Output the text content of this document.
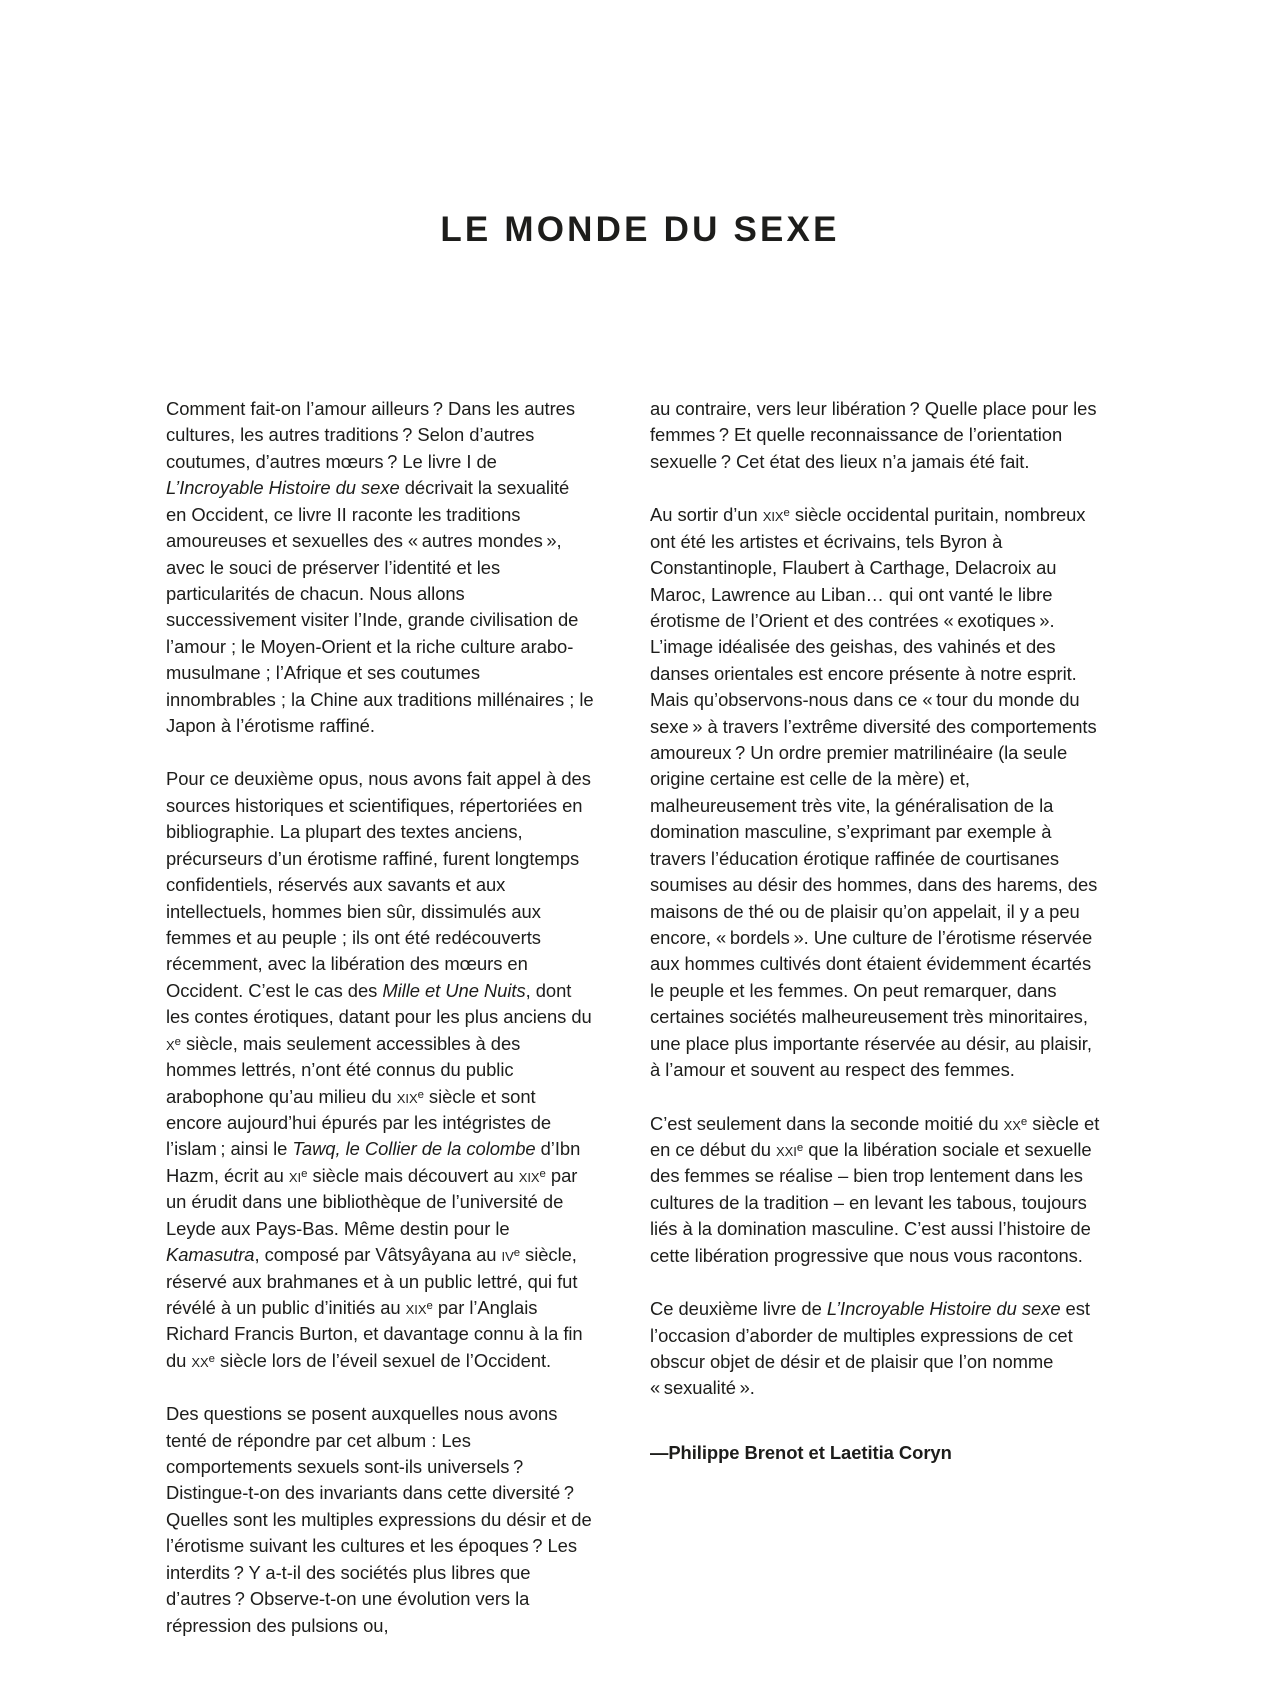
LE MONDE DU SEXE

Comment fait-on l’amour ailleurs ? Dans les autres cultures, les autres traditions ? Selon d’autres coutumes, d’autres mœurs ? Le livre I de L’Incroyable Histoire du sexe décrivait la sexualité en Occident, ce livre II raconte les traditions amoureuses et sexuelles des « autres mondes », avec le souci de préserver l’identité et les particularités de chacun. Nous allons successivement visiter l’Inde, grande civilisation de l’amour ; le Moyen-Orient et la riche culture arabo-musulmane ; l’Afrique et ses coutumes innombrables ; la Chine aux traditions millénaires ; le Japon à l’érotisme raffiné.

Pour ce deuxième opus, nous avons fait appel à des sources historiques et scientifiques, répertoriées en bibliographie. La plupart des textes anciens, précurseurs d’un érotisme raffiné, furent longtemps confidentiels, réservés aux savants et aux intellectuels, hommes bien sûr, dissimulés aux femmes et au peuple ; ils ont été redécouverts récemment, avec la libération des mœurs en Occident. C’est le cas des Mille et Une Nuits, dont les contes érotiques, datant pour les plus anciens du $x^e$ siècle, mais seulement accessibles à des hommes lettrés, n’ont été connus du public arabophone qu’au milieu du xix$^e$ siècle et sont encore aujourd’hui épurés par les intégristes de l’islam ; ainsi le Tawq, le Collier de la colombe d’Ibn Hazm, écrit au $xi^e$ siècle mais découvert au xix$^e$ par un érudit dans une bibliothèque de l’université de Leyde aux Pays-Bas. Même destin pour le Kamasutra, composé par Vâtsyâyana au $iv^e$ siècle, réservé aux brahmanes et à un public lettré, qui fut révélé à un public d’initiés au xix$^e$ par l’Anglais Richard Francis Burton, et davantage connu à la fin du $xx^e$ siècle lors de l’éveil sexuel de l’Occident.

Des questions se posent auxquelles nous avons tenté de répondre par cet album : Les comportements sexuels sont-ils universels ? Distingue-t-on des invariants dans cette diversité ? Quelles sont les multiples expressions du désir et de l’érotisme suivant les cultures et les époques ? Les interdits ? Y a-t-il des sociétés plus libres que d’autres ? Observe-t-on une évolution vers la répression des pulsions ou,

au contraire, vers leur libération ? Quelle place pour les femmes ? Et quelle reconnaissance de l’orientation sexuelle ? Cet état des lieux n’a jamais été fait.

Au sortir d’un xix$^e$ siècle occidental puritain, nombreux ont été les artistes et écrivains, tels Byron à Constantinople, Flaubert à Carthage, Delacroix au Maroc, Lawrence au Liban… qui ont vanté le libre érotisme de l’Orient et des contrées « exotiques ». L’image idéalisée des geishas, des vahinés et des danses orientales est encore présente à notre esprit.
Mais qu’observons-nous dans ce « tour du monde du sexe » à travers l’extrême diversité des comportements amoureux ? Un ordre premier matrilinéaire (la seule origine certaine est celle de la mère) et, malheureusement très vite, la généralisation de la domination masculine, s’exprimant par exemple à travers l’éducation érotique raffinée de courtisanes soumises au désir des hommes, dans des harems, des maisons de thé ou de plaisir qu’on appelait, il y a peu encore, « bordels ». Une culture de l’érotisme réservée aux hommes cultivés dont étaient évidemment écartés le peuple et les femmes. On peut remarquer, dans certaines sociétés malheureusement très minoritaires, une place plus importante réservée au désir, au plaisir, à l’amour et souvent au respect des femmes.

C’est seulement dans la seconde moitié du $xx^e$ siècle et en ce début du xxi$^e$ que la libération sociale et sexuelle des femmes se réalise – bien trop lentement dans les cultures de la tradition – en levant les tabous, toujours liés à la domination masculine. C’est aussi l’histoire de cette libération progressive que nous vous racontons.

Ce deuxième livre de L’Incroyable Histoire du sexe est l’occasion d’aborder de multiples expressions de cet obscur objet de désir et de plaisir que l’on nomme « sexualité ».

—Philippe Brenot et Laetitia Coryn
